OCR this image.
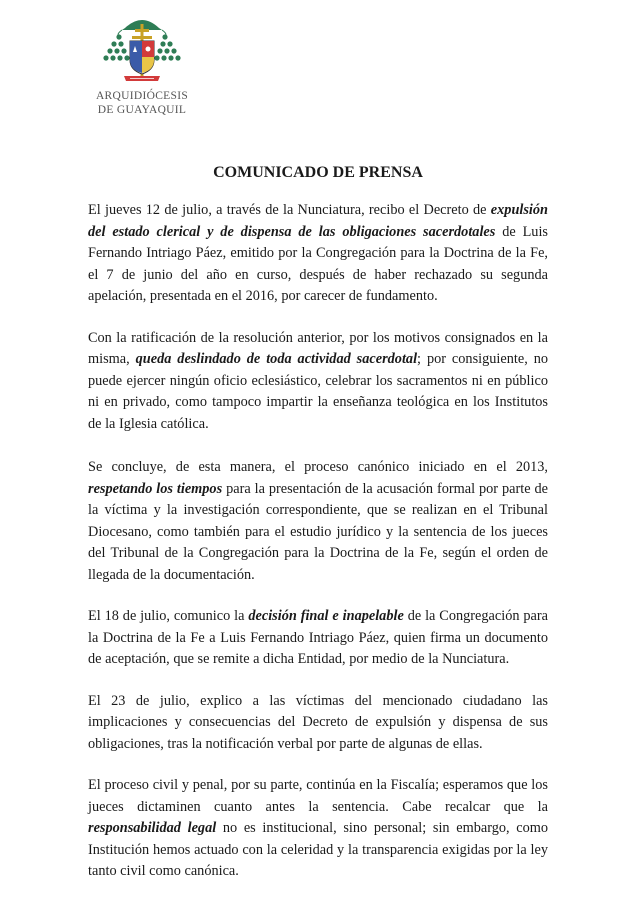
ARQUIDIÓCESIS
DE GUAYAQUIL
COMUNICADO DE PRENSA

El jueves 12 de julio, a través de la Nunciatura, recibo el Decreto de expulsión del estado clerical y de dispensa de las obligaciones sacerdotales de Luis Fernando Intriago Páez, emitido por la Congregación para la Doctrina de la Fe, el 7 de junio del año en curso, después de haber rechazado su segunda apelación, presentada en el 2016, por carecer de fundamento.

Con la ratificación de la resolución anterior, por los motivos consignados en la misma, queda deslindado de toda actividad sacerdotal; por consiguiente, no puede ejercer ningún oficio eclesiástico, celebrar los sacramentos ni en público ni en privado, como tampoco impartir la enseñanza teológica en los Institutos de la Iglesia católica.

Se concluye, de esta manera, el proceso canónico iniciado en el 2013, respetando los tiempos para la presentación de la acusación formal por parte de la víctima y la investigación correspondiente, que se realizan en el Tribunal Diocesano, como también para el estudio jurídico y la sentencia de los jueces del Tribunal de la Congregación para la Doctrina de la Fe, según el orden de llegada de la documentación.

El 18 de julio, comunico la decisión final e inapelable de la Congregación para la Doctrina de la Fe a Luis Fernando Intriago Páez, quien firma un documento de aceptación, que se remite a dicha Entidad, por medio de la Nunciatura.

El 23 de julio, explico a las víctimas del mencionado ciudadano las implicaciones y consecuencias del Decreto de expulsión y dispensa de sus obligaciones, tras la notificación verbal por parte de algunas de ellas.

El proceso civil y penal, por su parte, continúa en la Fiscalía; esperamos que los jueces dictaminen cuanto antes la sentencia. Cabe recalcar que la responsabilidad legal no es institucional, sino personal; sin embargo, como Institución hemos actuado con la celeridad y la transparencia exigidas por la ley tanto civil como canónica.
